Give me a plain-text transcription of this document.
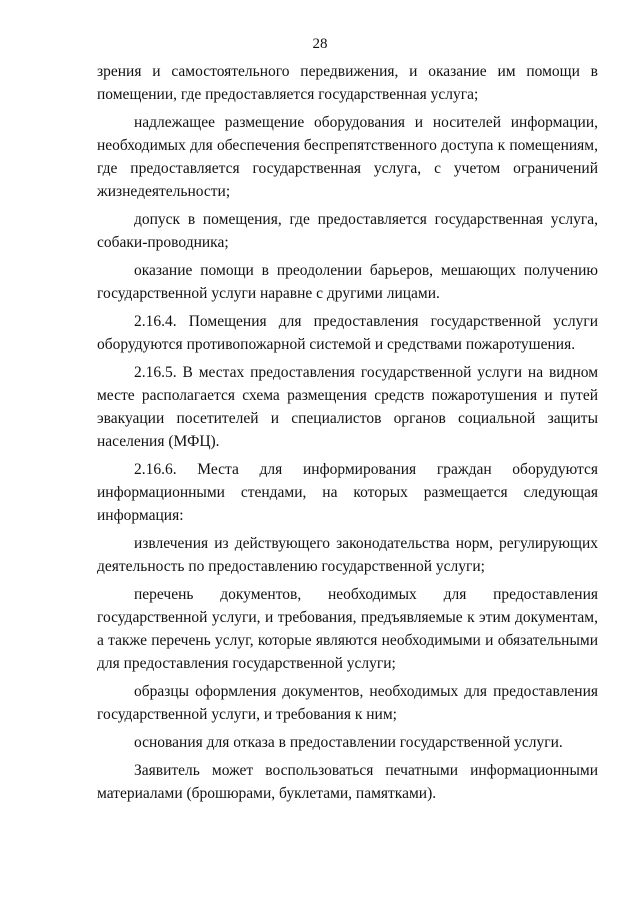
28

зрения и самостоятельного передвижения, и оказание им помощи в помещении, где предоставляется государственная услуга;

надлежащее размещение оборудования и носителей информации, необходимых для обеспечения беспрепятственного доступа к помещениям, где предоставляется государственная услуга, с учетом ограничений жизнедеятельности;

допуск в помещения, где предоставляется государственная услуга, собаки-проводника;

оказание помощи в преодолении барьеров, мешающих получению государственной услуги наравне с другими лицами.

2.16.4. Помещения для предоставления государственной услуги оборудуются противопожарной системой и средствами пожаротушения.

2.16.5. В местах предоставления государственной услуги на видном месте располагается схема размещения средств пожаротушения и путей эвакуации посетителей и специалистов органов социальной защиты населения (МФЦ).

2.16.6. Места для информирования граждан оборудуются информационными стендами, на которых размещается следующая информация:

извлечения из действующего законодательства норм, регулирующих деятельность по предоставлению государственной услуги;

перечень документов, необходимых для предоставления государственной услуги, и требования, предъявляемые к этим документам, а также перечень услуг, которые являются необходимыми и обязательными для предоставления государственной услуги;

образцы оформления документов, необходимых для предоставления государственной услуги, и требования к ним;

основания для отказа в предоставлении государственной услуги.

Заявитель может воспользоваться печатными информационными материалами (брошюрами, буклетами, памятками).
